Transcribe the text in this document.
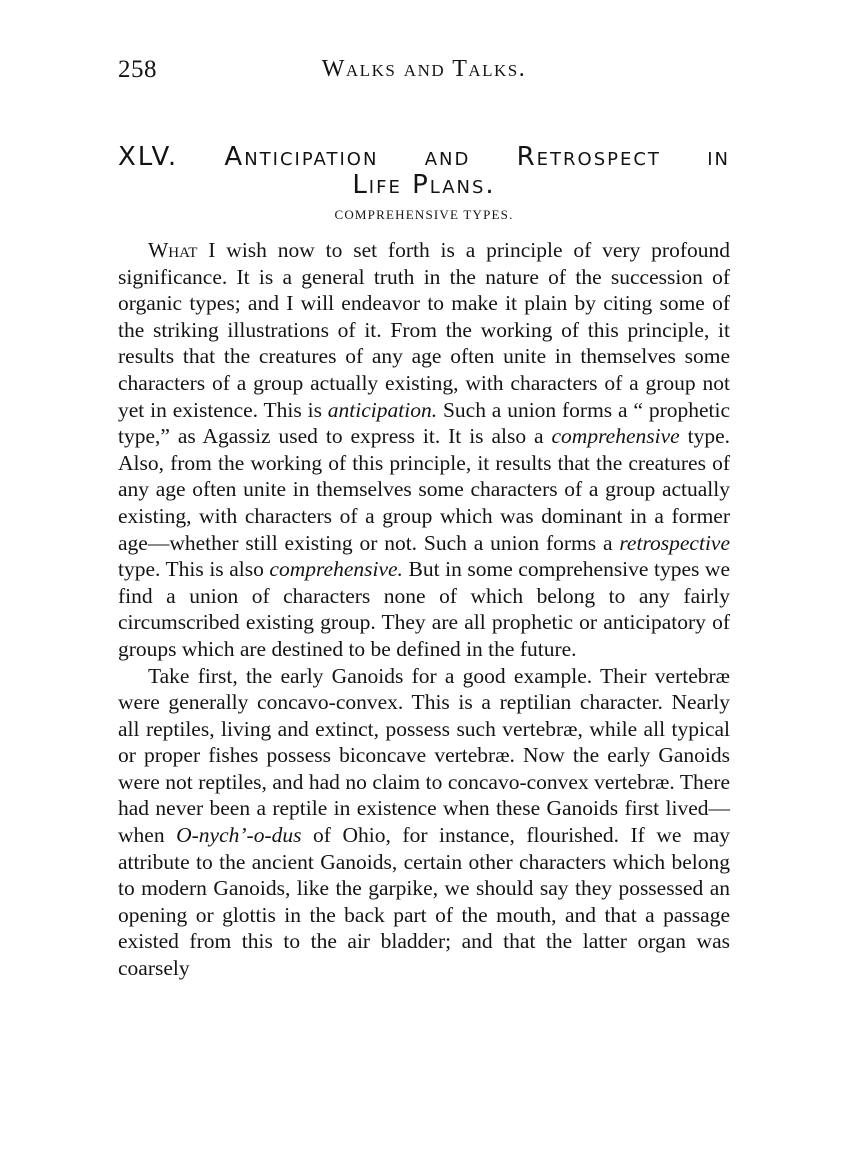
258	Walks and Talks.
XLV. Anticipation and Retrospect in
Life Plans.
COMPREHENSIVE TYPES.

What I wish now to set forth is a principle of very profound significance. It is a general truth in the nature of the succession of organic types; and I will endeavor to make it plain by citing some of the striking illustrations of it. From the working of this principle, it results that the creatures of any age often unite in themselves some characters of a group actually existing, with characters of a group not yet in existence. This is anticipation. Such a union forms a “ prophetic type,” as Agassiz used to express it. It is also a comprehensive type. Also, from the working of this principle, it results that the creatures of any age often unite in themselves some characters of a group actually existing, with characters of a group which was dominant in a former age—whether still existing or not. Such a union forms a retrospective type. This is also comprehensive. But in some comprehensive types we find a union of characters none of which belong to any fairly circumscribed existing group. They are all prophetic or anticipatory of groups which are destined to be defined in the future.

Take first, the early Ganoids for a good example. Their vertebræ were generally concavo-convex. This is a reptilian character. Nearly all reptiles, living and extinct, possess such vertebræ, while all typical or proper fishes possess biconcave vertebræ. Now the early Ganoids were not reptiles, and had no claim to concavo-convex vertebræ. There had never been a reptile in existence when these Ganoids first lived—when O-nych’-o-dus of Ohio, for instance, flourished. If we may attribute to the ancient Ganoids, certain other characters which belong to modern Ganoids, like the garpike, we should say they possessed an opening or glottis in the back part of the mouth, and that a passage existed from this to the air bladder; and that the latter organ was coarsely
